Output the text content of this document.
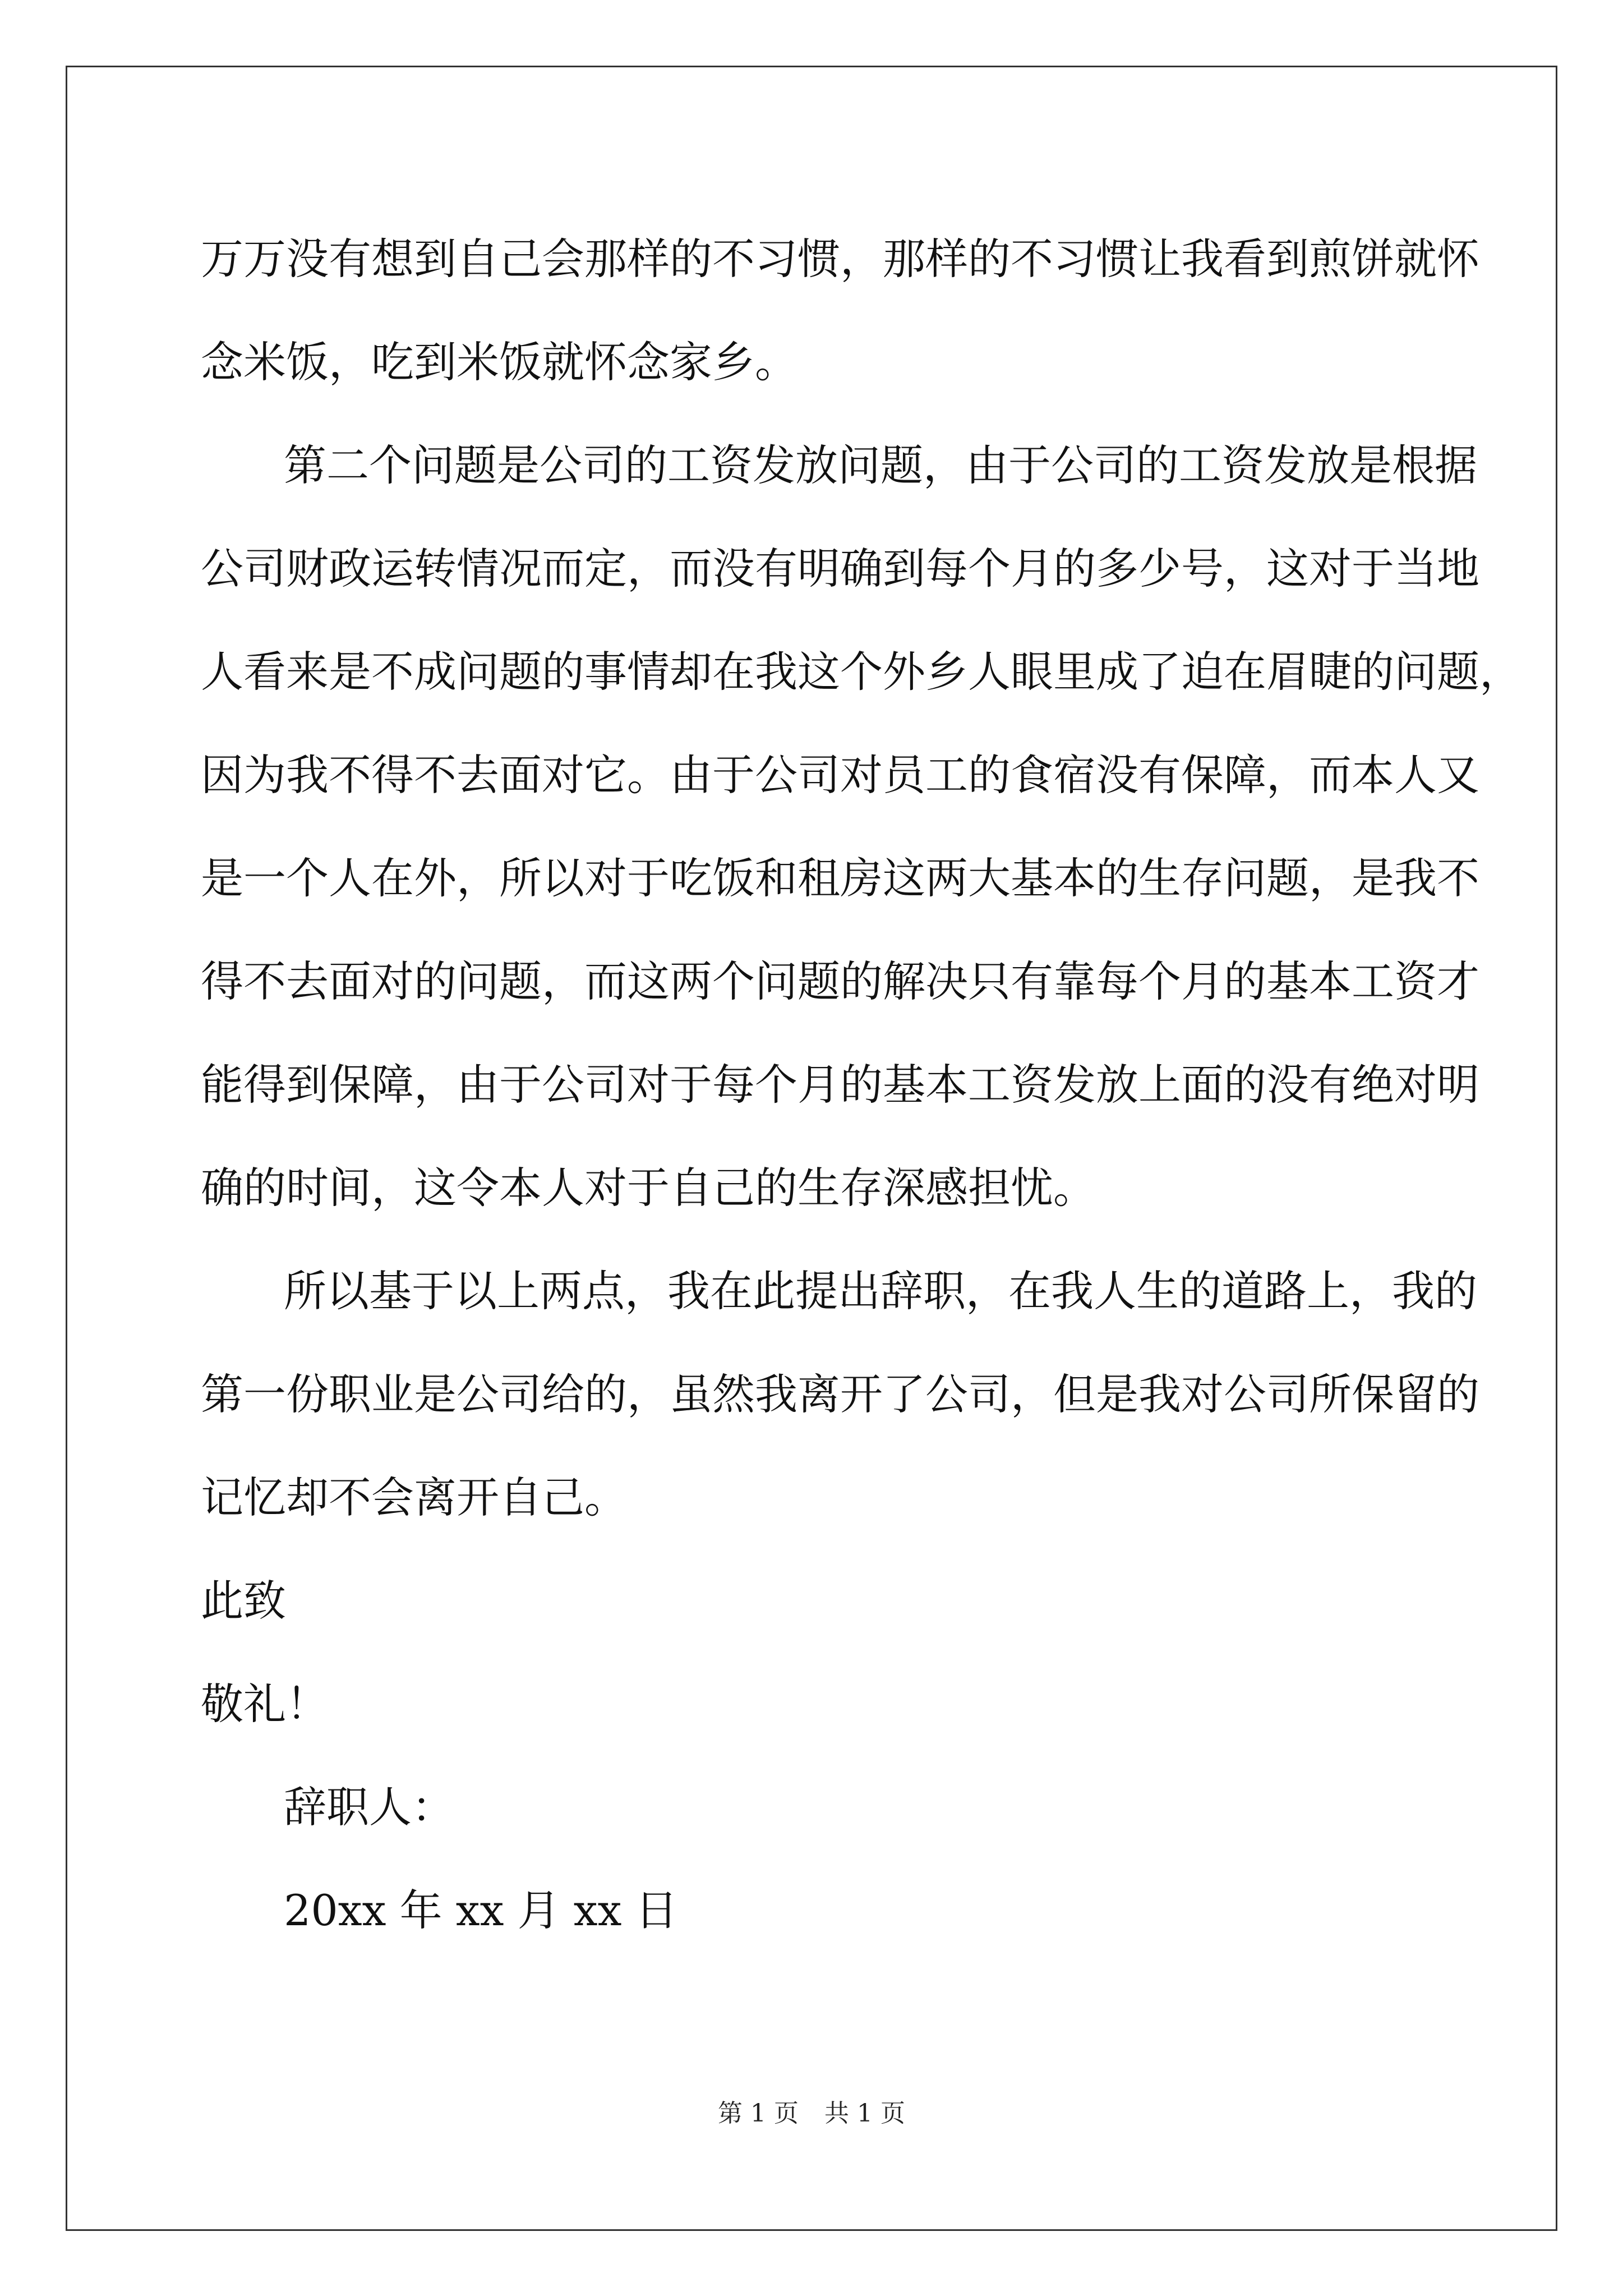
万万没有想到自己会那样的不习惯，那样的不习惯让我看到煎饼就怀
念米饭，吃到米饭就怀念家乡。
第二个问题是公司的工资发放问题，由于公司的工资发放是根据
公司财政运转情况而定，而没有明确到每个月的多少号，这对于当地
人看来是不成问题的事情却在我这个外乡人眼里成了迫在眉睫的问题，
因为我不得不去面对它。由于公司对员工的食宿没有保障，而本人又
是一个人在外，所以对于吃饭和租房这两大基本的生存问题，是我不
得不去面对的问题，而这两个问题的解决只有靠每个月的基本工资才
能得到保障，由于公司对于每个月的基本工资发放上面的没有绝对明
确的时间，这令本人对于自己的生存深感担忧。
所以基于以上两点，我在此提出辞职，在我人生的道路上，我的
第一份职业是公司给的，虽然我离开了公司，但是我对公司所保留的
记忆却不会离开自己。
此致
敬礼！
辞职人：
20xx 年 xx 月 xx 日
第 1 页 共 1 页
